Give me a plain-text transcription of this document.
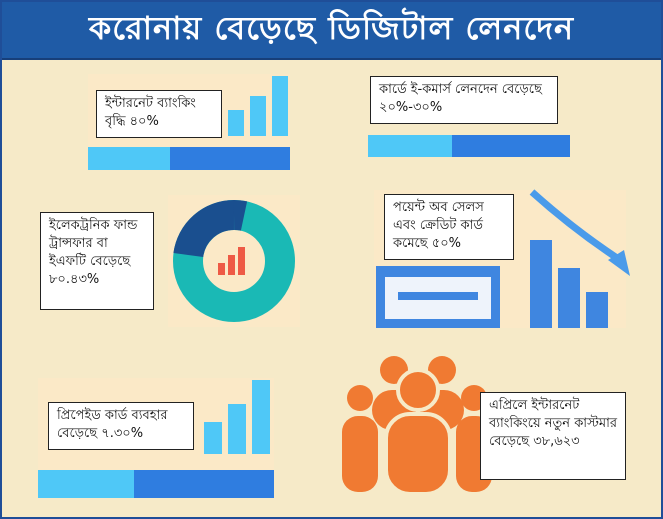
করোনায় বেড়েছে ডিজিটাল লেনদেন
ইন্টারনেট ব্যাংকিং বৃদ্ধি ৪০%
কার্ডে ই-কমার্স লেনদেন বেড়েছে ২০%-৩০%
ইলেকট্রনিক ফান্ড ট্রান্সফার বা ইএফটি বেড়েছে ৮০.৪৩%
পয়েন্ট অব সেলস এবং ক্রেডিট কার্ড কমেছে ৫০%
প্রিপেইড কার্ড ব্যবহার বেড়েছে ৭.৩০%
এপ্রিলে ইন্টারনেট ব্যাংকিংয়ে নতুন কাস্টমার বেড়েছে ৩৮,৬২৩
